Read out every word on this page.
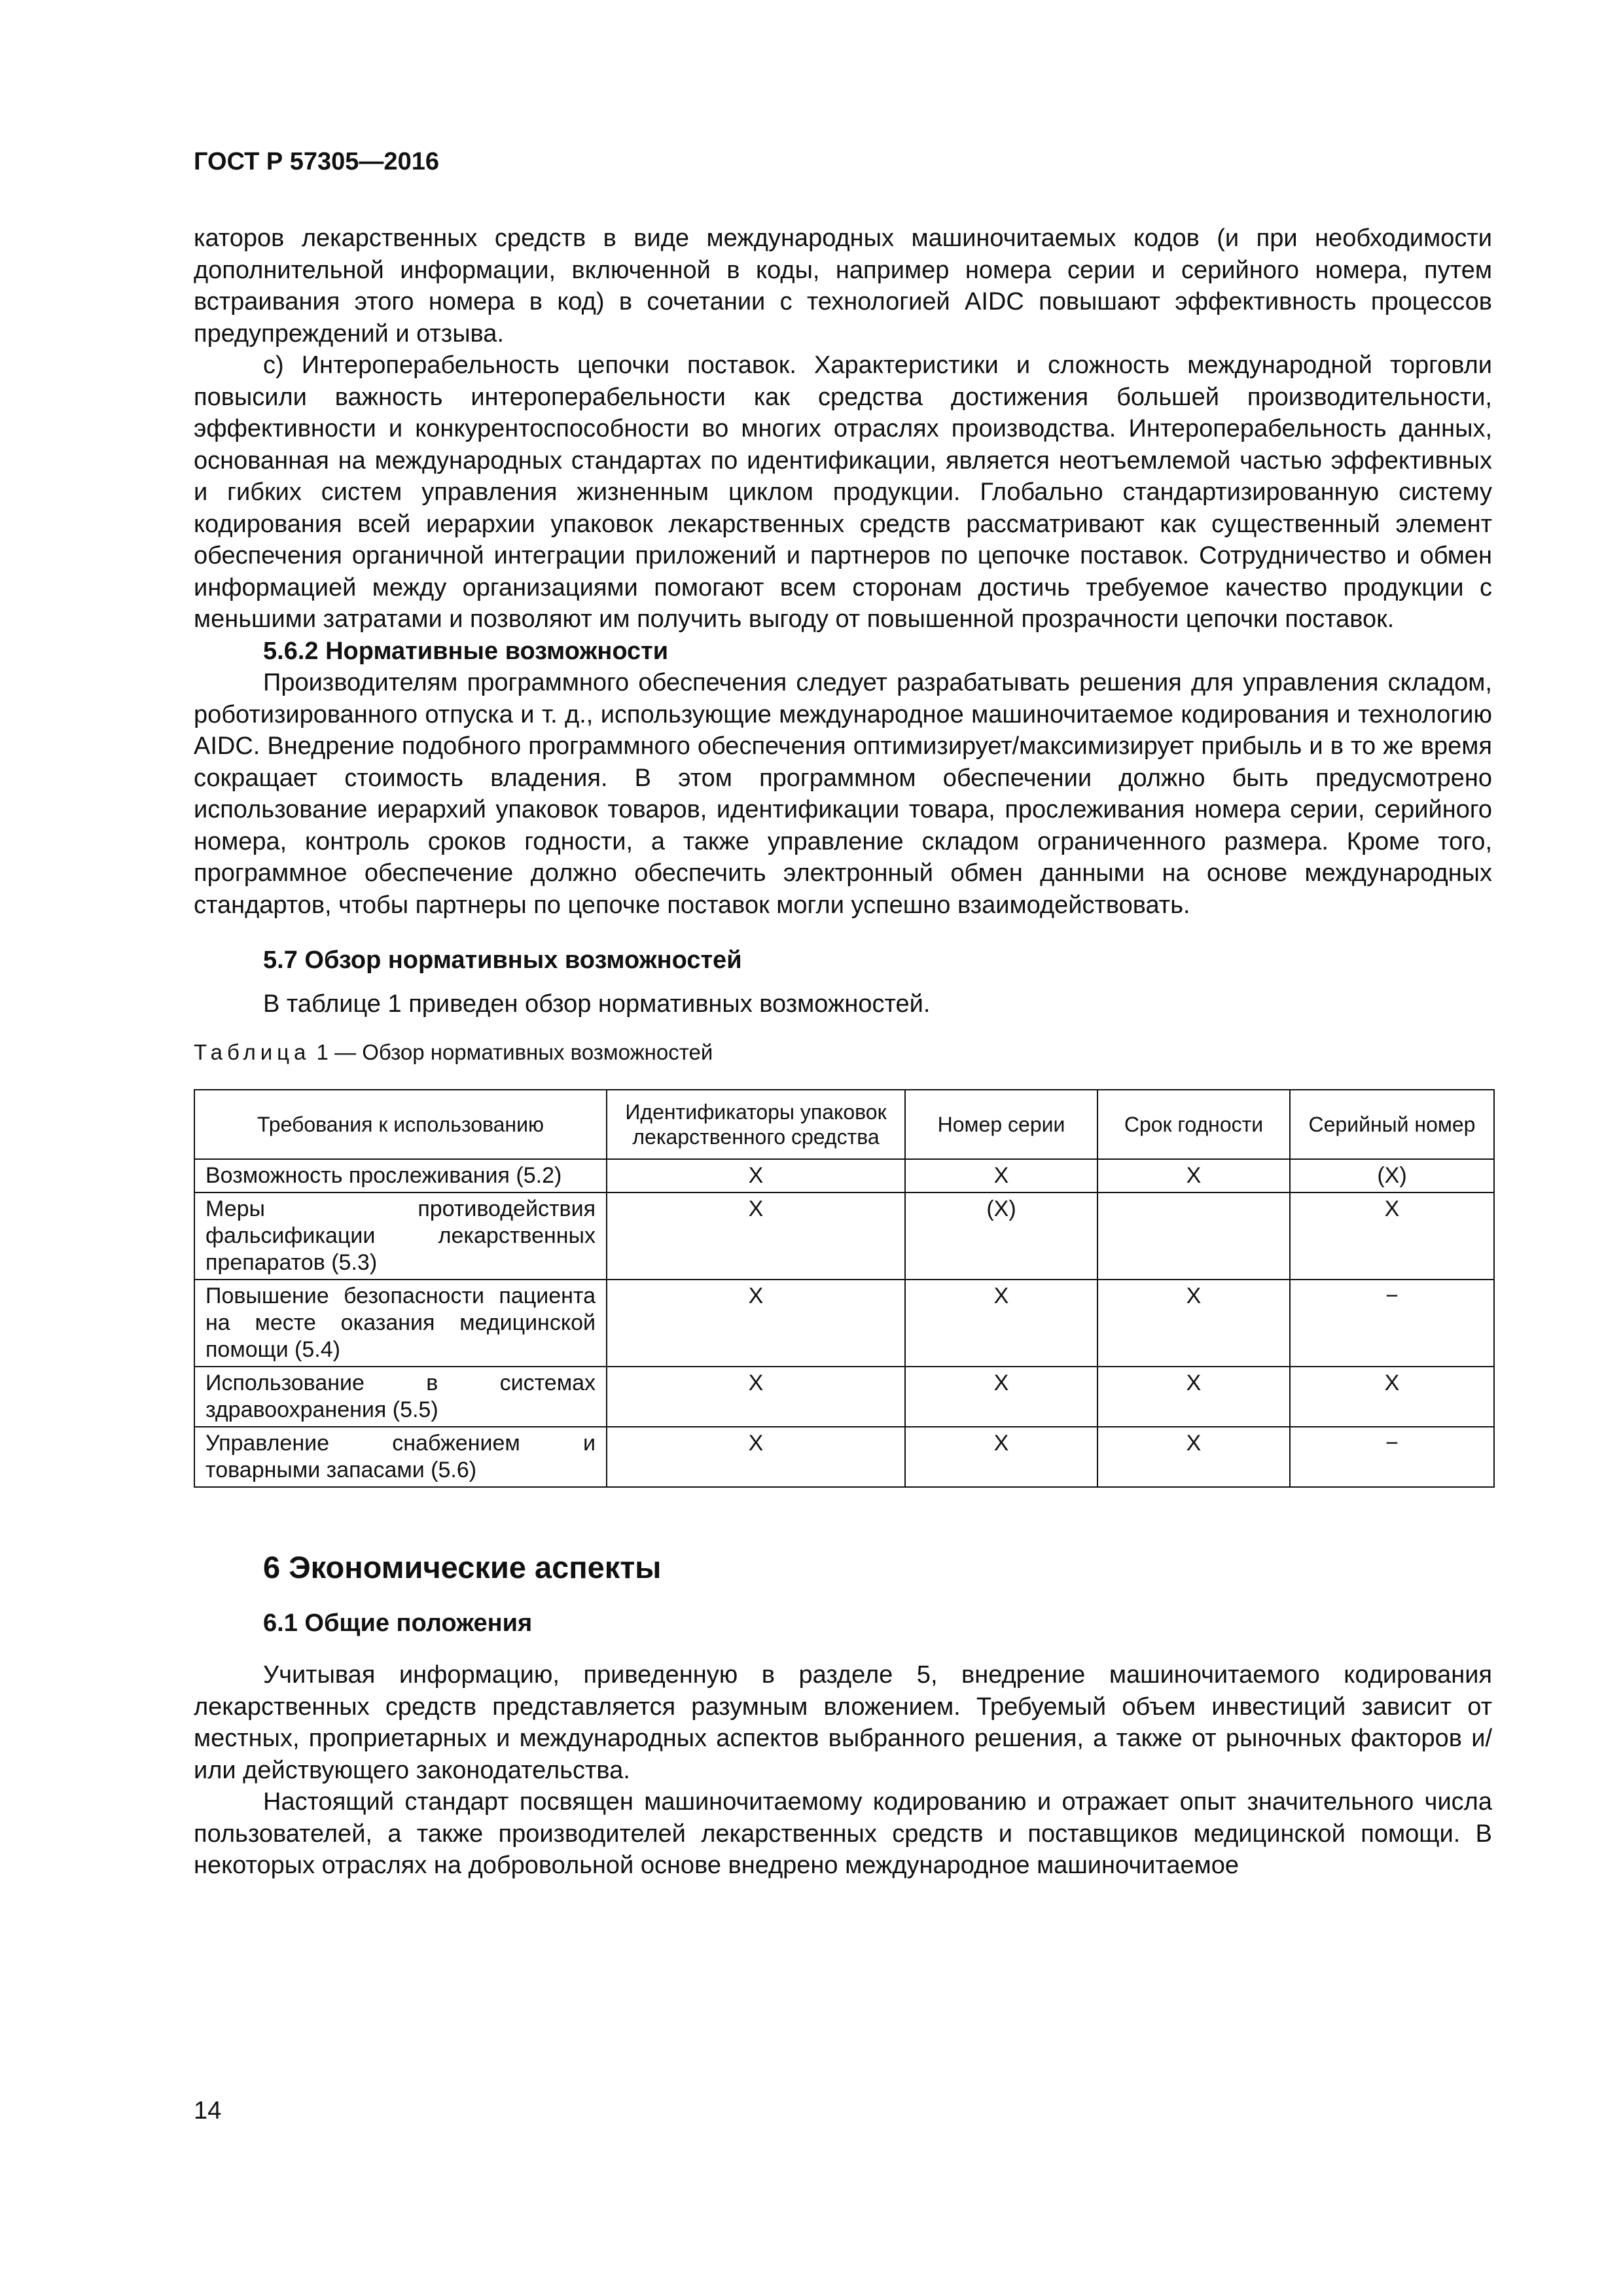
ГОСТ Р 57305—2016

каторов лекарственных средств в виде международных машиночитаемых кодов (и при необходимости дополнительной информации, включенной в коды, например номера серии и серийного номера, путем встраивания этого номера в код) в сочетании с технологией AIDC повышают эффективность процессов предупреждений и отзыва.

c) Интероперабельность цепочки поставок. Характеристики и сложность международной торговли повысили важность интероперабельности как средства достижения большей производительности, эффективности и конкурентоспособности во многих отраслях производства. Интероперабельность данных, основанная на международных стандартах по идентификации, является неотъемлемой частью эффективных и гибких систем управления жизненным циклом продукции. Глобально стандартизированную систему кодирования всей иерархии упаковок лекарственных средств рассматривают как существенный элемент обеспечения органичной интеграции приложений и партнеров по цепочке поставок. Сотрудничество и обмен информацией между организациями помогают всем сторонам достичь требуемое качество продукции с меньшими затратами и позволяют им получить выгоду от повышенной прозрачности цепочки поставок.

5.6.2 Нормативные возможности

Производителям программного обеспечения следует разрабатывать решения для управления складом, роботизированного отпуска и т. д., использующие международное машиночитаемое кодирования и технологию AIDC. Внедрение подобного программного обеспечения оптимизирует/максимизирует прибыль и в то же время сокращает стоимость владения. В этом программном обеспечении должно быть предусмотрено использование иерархий упаковок товаров, идентификации товара, прослеживания номера серии, серийного номера, контроль сроков годности, а также управление складом ограниченного размера. Кроме того, программное обеспечение должно обеспечить электронный обмен данными на основе международных стандартов, чтобы партнеры по цепочке поставок могли успешно взаимодействовать.

5.7 Обзор нормативных возможностей

В таблице 1 приведен обзор нормативных возможностей.

Таблица 1 — Обзор нормативных возможностей
Требования к использованию	Идентификаторы упаковок лекарственного средства	Номер серии	Срок годности	Серийный номер
Возможность прослеживания (5.2)	X	X	X	(X)
Меры противодействия фальсификации лекарственных препаратов (5.3)	X	(X)		X
Повышение безопасности пациента на месте оказания медицинской помощи (5.4)	X	X	X	−
Использование в системах здравоохранения (5.5)	X	X	X	X
Управление снабжением и товарными запасами (5.6)	X	X	X	−
6 Экономические аспекты
6.1 Общие положения

Учитывая информацию, приведенную в разделе 5, внедрение машиночитаемого кодирования лекарственных средств представляется разумным вложением. Требуемый объем инвестиций зависит от местных, проприетарных и международных аспектов выбранного решения, а также от рыночных факторов и/или действующего законодательства.

Настоящий стандарт посвящен машиночитаемому кодированию и отражает опыт значительного числа пользователей, а также производителей лекарственных средств и поставщиков медицинской помощи. В некоторых отраслях на добровольной основе внедрено международное машиночитаемое

14
